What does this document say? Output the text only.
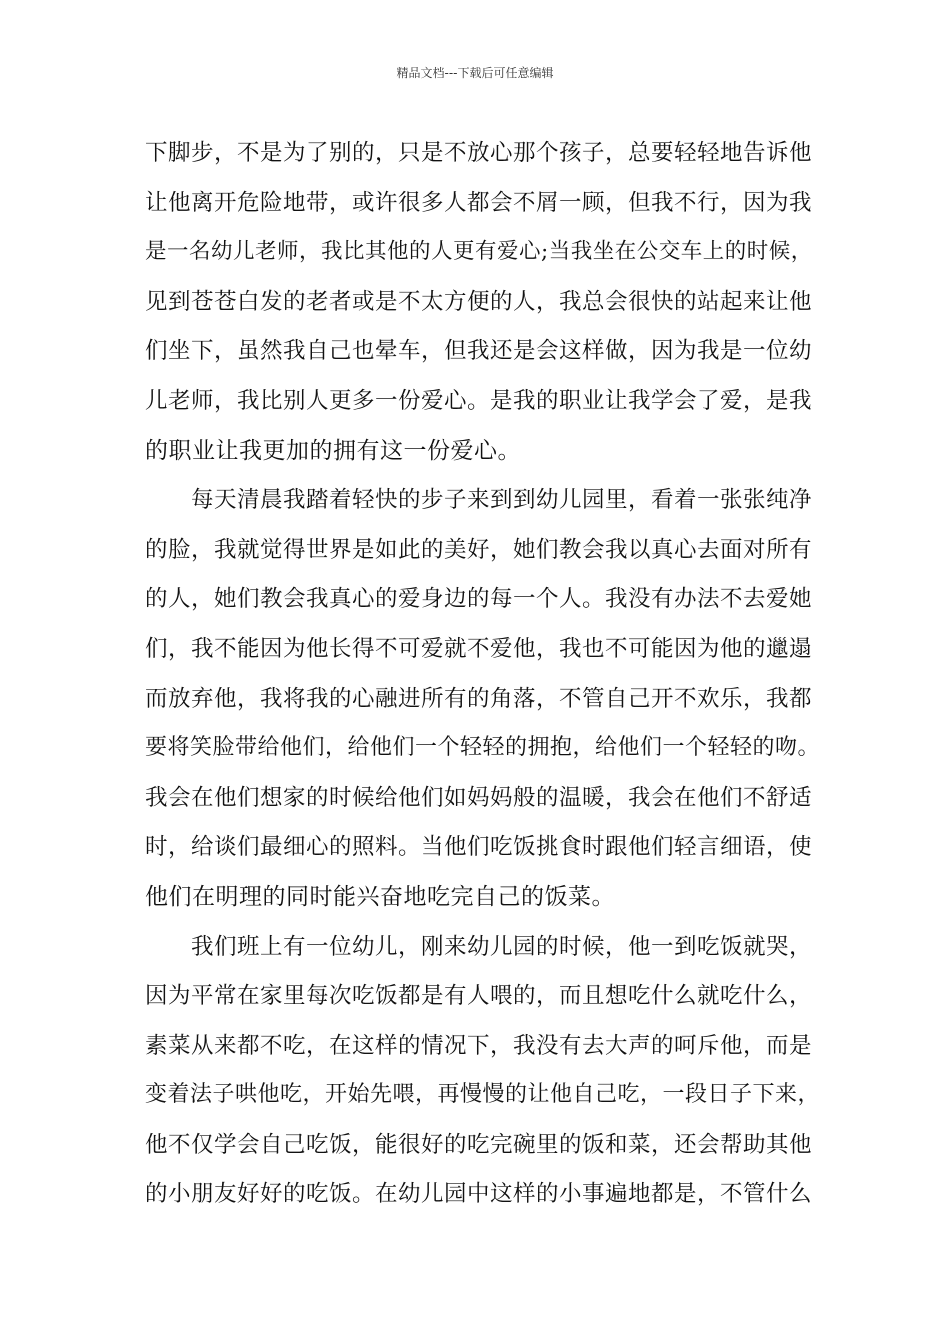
精品文档---下载后可任意编辑
下脚步，不是为了别的，只是不放心那个孩子，总要轻轻地告诉他
让他离开危险地带，或许很多人都会不屑一顾，但我不行，因为我
是一名幼儿老师，我比其他的人更有爱心;当我坐在公交车上的时候，
见到苍苍白发的老者或是不太方便的人，我总会很快的站起来让他
们坐下，虽然我自己也晕车，但我还是会这样做，因为我是一位幼
儿老师，我比别人更多一份爱心。是我的职业让我学会了爱，是我
的职业让我更加的拥有这一份爱心。
每天清晨我踏着轻快的步子来到到幼儿园里，看着一张张纯净
的脸，我就觉得世界是如此的美好，她们教会我以真心去面对所有
的人，她们教会我真心的爱身边的每一个人。我没有办法不去爱她
们，我不能因为他长得不可爱就不爱他，我也不可能因为他的邋遢
而放弃他，我将我的心融进所有的角落，不管自己开不欢乐，我都
要将笑脸带给他们，给他们一个轻轻的拥抱，给他们一个轻轻的吻。
我会在他们想家的时候给他们如妈妈般的温暖，我会在他们不舒适
时，给谈们最细心的照料。当他们吃饭挑食时跟他们轻言细语，使
他们在明理的同时能兴奋地吃完自己的饭菜。
我们班上有一位幼儿，刚来幼儿园的时候，他一到吃饭就哭，
因为平常在家里每次吃饭都是有人喂的，而且想吃什么就吃什么，
素菜从来都不吃，在这样的情况下，我没有去大声的呵斥他，而是
变着法子哄他吃，开始先喂，再慢慢的让他自己吃，一段日子下来，
他不仅学会自己吃饭，能很好的吃完碗里的饭和菜，还会帮助其他
的小朋友好好的吃饭。在幼儿园中这样的小事遍地都是，不管什么
